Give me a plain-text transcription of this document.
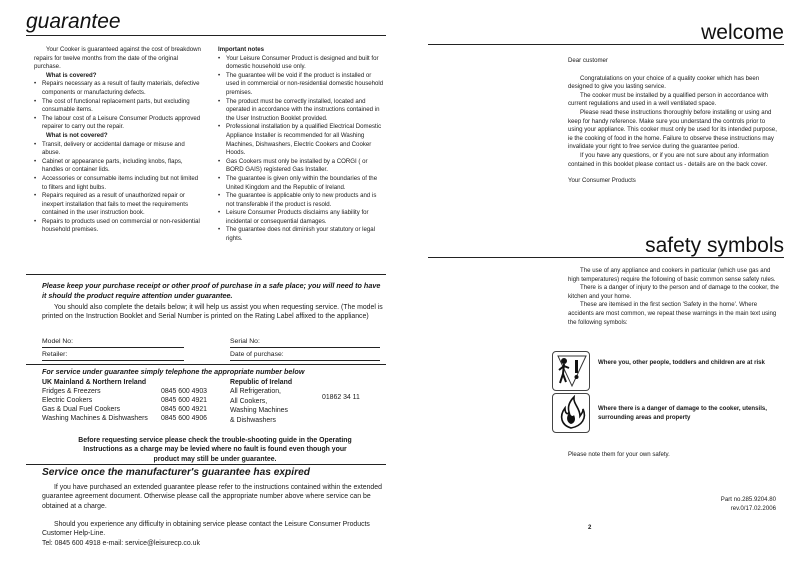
guarantee

Your Cooker is guaranteed against the cost of breakdown repairs for twelve months from the date of the original purchase.

What is covered?

• Repairs necessary as a result of faulty materials, defective components or manufacturing defects.
• The cost of functional replacement parts, but excluding consumable items.
• The labour cost of a Leisure Consumer Products approved repairer to carry out the repair.

What is not covered?

• Transit, delivery or accidental damage or misuse and abuse.
• Cabinet or appearance parts, including knobs, flaps, handles or container lids.
• Accessories or consumable items including but not limited to filters and light bulbs.
• Repairs required as a result of unauthorized repair or inexpert installation that fails to meet the requirements contained in the user instruction book.
• Repairs to products used on commercial or non-residential household premises.

Important notes

• Your Leisure Consumer Product is designed and built for domestic household use only.
• The guarantee will be void if the product is installed or used in commercial or non-residential domestic household premises.
• The product must be correctly installed, located and operated in accordance with the instructions contained in the User Instruction Booklet provided.
• Professional installation by a qualified Electrical Domestic Appliance Installer is recommended for all Washing Machines, Dishwashers, Electric Cookers and Cooker Hoods.
• Gas Cookers must only be installed by a CORGI ( or BORD GAIS) registered Gas Installer.
• The guarantee is given only within the boundaries of the United Kingdom and the Republic of Ireland.
• The guarantee is applicable only to new products and is not transferable if the product is resold.
• Leisure Consumer Products disclaims any liability for incidental or consequential damages.
• The guarantee does not diminish your statutory or legal rights.
Please keep your purchase receipt or other proof of purchase in a safe place; you will need to have it should the product require attention under guarantee.

You should also complete the details below; it will help us assist you when requesting service. (The model is printed on the Instruction Booklet and Serial Number is printed on the Rating Label affixed to the appliance)

Model No:	Serial No:
Retailer:	Date of purchase:
For service under guarantee simply telephone the appropriate number below
UK Mainland & Northern Ireland
Fridges & Freezers	0845 600 4903
Electric Cookers	0845 600 4921
Gas & Dual Fuel Cookers	0845 600 4921
Washing Machines & Dishwashers	0845 600 4906
Republic of Ireland
All Refrigeration,
All Cookers,
Washing Machines
& Dishwashers
01862 34 11
Before requesting service please check the trouble-shooting guide in the Operating Instructions as a charge may be levied where no fault is found even though your product may still be under guarantee.
Service once the manufacturer's guarantee has expired

If you have purchased an extended guarantee please refer to the instructions contained within the extended guarantee agreement document. Otherwise please call the appropriate number above where service can be obtained at a charge.

Should you experience any difficulty in obtaining service please contact the Leisure Consumer Products Customer Help-Line.

Tel: 0845 600 4918 e-mail: service@leisurecp.co.uk

welcome

Dear customer

Congratulations on your choice of a quality cooker which has been designed to give you lasting service.

The cooker must be installed by a qualified person in accordance with current regulations and used in a well ventilated space.

Please read these instructions thoroughly before installing or using and keep for handy reference. Make sure you understand the controls prior to using your appliance. This cooker must only be used for its intended purpose, ie the cooking of food in the home. Failure to observe these instructions may invalidate your right to free service during the guarantee period.

If you have any questions, or if you are not sure about any information contained in this booklet please contact us - details are on the back cover.

Your Consumer Products

safety symbols

The use of any appliance and cookers in particular (which use gas and high temperatures) require the following of basic common sense safety rules.

There is a danger of injury to the person and of damage to the cooker, the kitchen and your home.

These are itemised in the first section 'Safety in the home'. Where accidents are most common, we repeat these warnings in the main text using the following symbols:

Where you, other people, toddlers and children are at risk
Where there is a danger of damage to the cooker, utensils, surrounding areas and property
Please note them for your own safety.
Part no.285.9204.80
rev.0/17.02.2006
2
